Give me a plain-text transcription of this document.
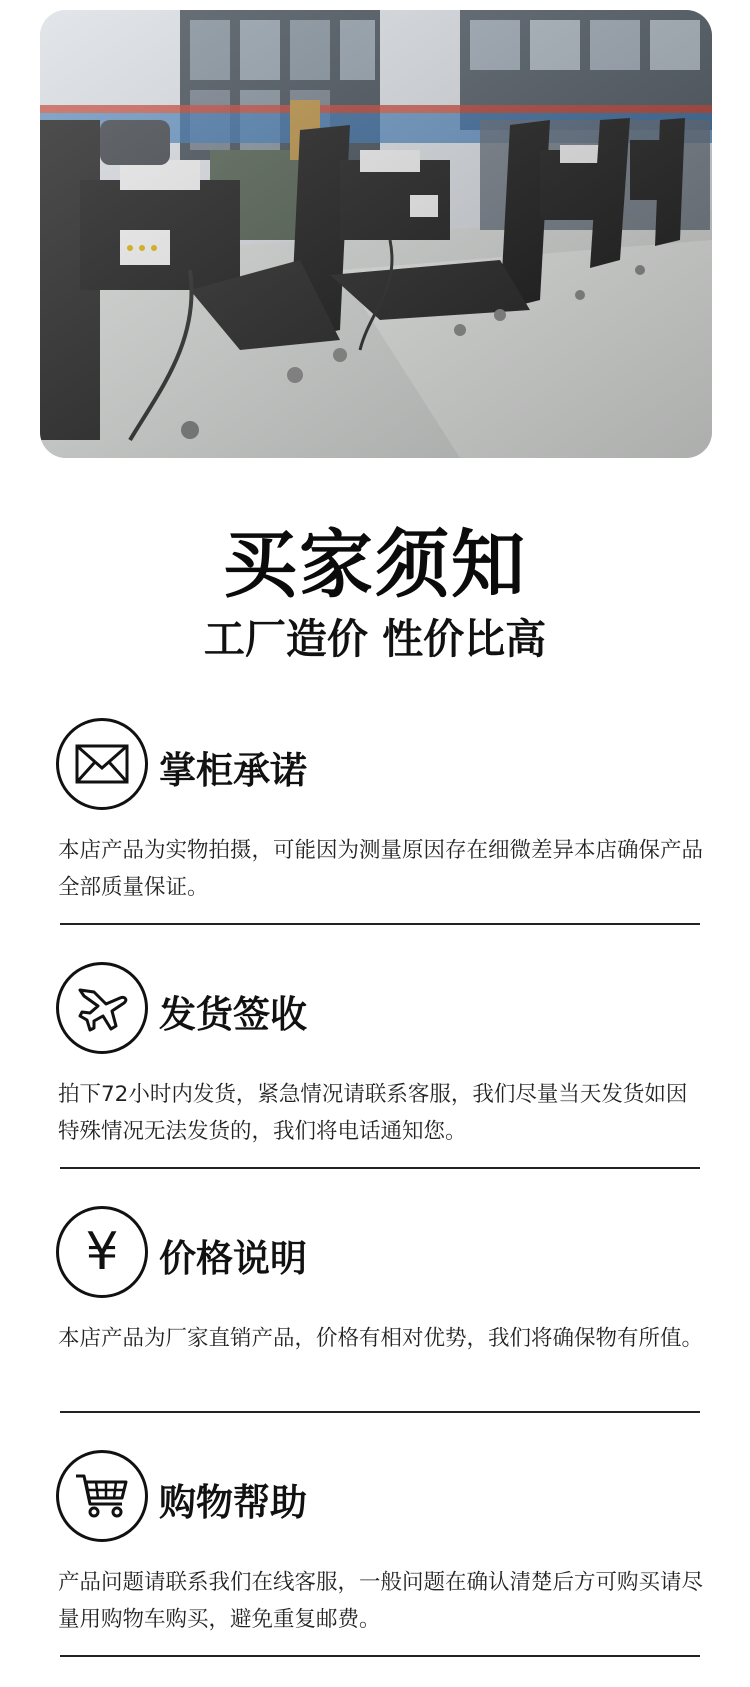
买家须知
工厂造价 性价比高
掌柜承诺
本店产品为实物拍摄，可能因为测量原因存在细微差异本店确保产品全部质量保证。
发货签收
拍下72小时内发货，紧急情况请联系客服，我们尽量当天发货如因特殊情况无法发货的，我们将电话通知您。
¥ 价格说明
本店产品为厂家直销产品，价格有相对优势，我们将确保物有所值。
购物帮助
产品问题请联系我们在线客服，一般问题在确认清楚后方可购买请尽量用购物车购买，避免重复邮费。
